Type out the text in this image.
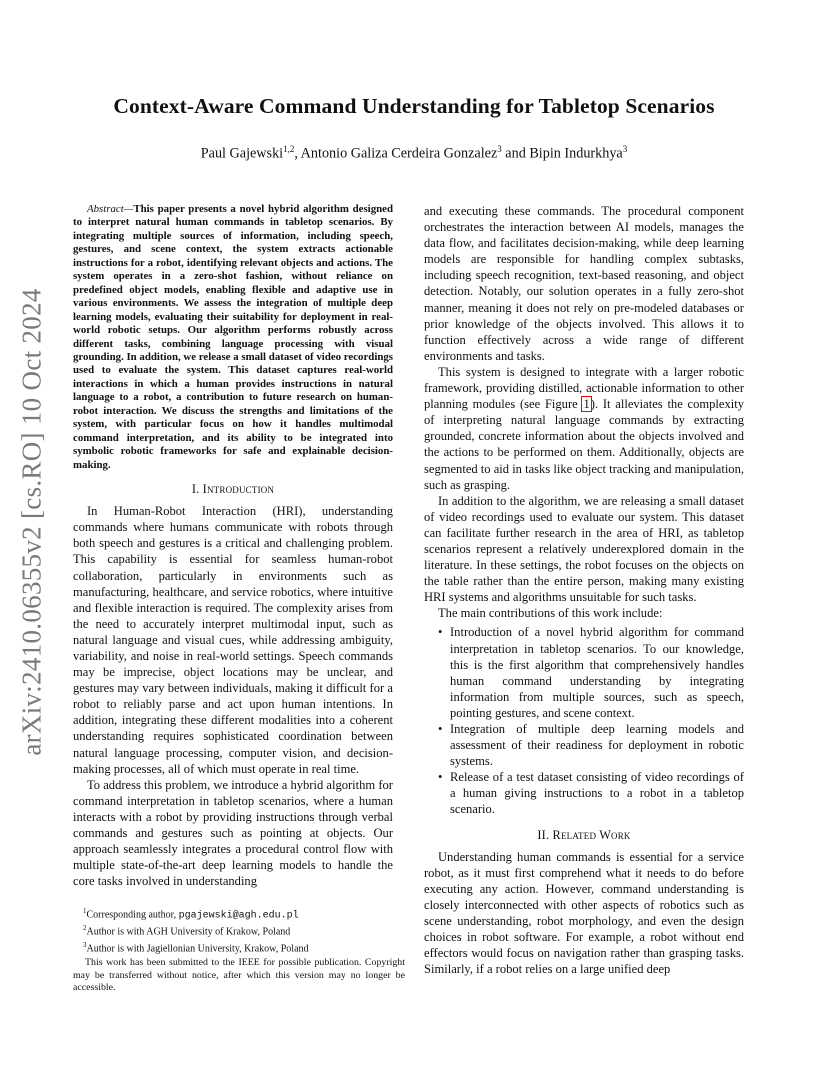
Context-Aware Command Understanding for Tabletop Scenarios
Paul Gajewski$^{1,2}$, Antonio Galiza Cerdeira Gonzalez$^3$ and Bipin Indurkhya$^3$
arXiv:2410.06355v2 [cs.RO] 10 Oct 2024

Abstract—This paper presents a novel hybrid algorithm designed to interpret natural human commands in tabletop scenarios. By integrating multiple sources of information, including speech, gestures, and scene context, the system extracts actionable instructions for a robot, identifying relevant objects and actions. The system operates in a zero-shot fashion, without reliance on predefined object models, enabling flexible and adaptive use in various environments. We assess the integration of multiple deep learning models, evaluating their suitability for deployment in real-world robotic setups. Our algorithm performs robustly across different tasks, combining language processing with visual grounding. In addition, we release a small dataset of video recordings used to evaluate the system. This dataset captures real-world interactions in which a human provides instructions in natural language to a robot, a contribution to future research on human-robot interaction. We discuss the strengths and limitations of the system, with particular focus on how it handles multimodal command interpretation, and its ability to be integrated into symbolic robotic frameworks for safe and explainable decision-making.

I. Introduction

In Human-Robot Interaction (HRI), understanding commands where humans communicate with robots through both speech and gestures is a critical and challenging problem. This capability is essential for seamless human-robot collaboration, particularly in environments such as manufacturing, healthcare, and service robotics, where intuitive and flexible interaction is required. The complexity arises from the need to accurately interpret multimodal input, such as natural language and visual cues, while addressing ambiguity, variability, and noise in real-world settings. Speech commands may be imprecise, object locations may be unclear, and gestures may vary between individuals, making it difficult for a robot to reliably parse and act upon human intentions. In addition, integrating these different modalities into a coherent understanding requires sophisticated coordination between natural language processing, computer vision, and decision-making processes, all of which must operate in real time.

To address this problem, we introduce a hybrid algorithm for command interpretation in tabletop scenarios, where a human interacts with a robot by providing instructions through verbal commands and gestures such as pointing at objects. Our approach seamlessly integrates a procedural control flow with multiple state-of-the-art deep learning models to handle the core tasks involved in understanding

and executing these commands. The procedural component orchestrates the interaction between AI models, manages the data flow, and facilitates decision-making, while deep learning models are responsible for handling complex subtasks, including speech recognition, text-based reasoning, and object detection. Notably, our solution operates in a fully zero-shot manner, meaning it does not rely on pre-modeled databases or prior knowledge of the objects involved. This allows it to function effectively across a wide range of different environments and tasks.

This system is designed to integrate with a larger robotic framework, providing distilled, actionable information to other planning modules (see Figure 1). It alleviates the complexity of interpreting natural language commands by extracting grounded, concrete information about the objects involved and the actions to be performed on them. Additionally, objects are segmented to aid in tasks like object tracking and manipulation, such as grasping.

In addition to the algorithm, we are releasing a small dataset of video recordings used to evaluate our system. This dataset can facilitate further research in the area of HRI, as tabletop scenarios represent a relatively underexplored domain in the literature. In these settings, the robot focuses on the objects on the table rather than the entire person, making many existing HRI systems and algorithms unsuitable for such tasks.

The main contributions of this work include:

• Introduction of a novel hybrid algorithm for command interpretation in tabletop scenarios. To our knowledge, this is the first algorithm that comprehensively handles human command understanding by integrating information from multiple sources, such as speech, pointing gestures, and scene context.
• Integration of multiple deep learning models and assessment of their readiness for deployment in robotic systems.
• Release of a test dataset consisting of video recordings of a human giving instructions to a robot in a tabletop scenario.
II. Related Work

Understanding human commands is essential for a service robot, as it must first comprehend what it needs to do before executing any action. However, command understanding is closely interconnected with other aspects of robotics such as scene understanding, robot morphology, and even the design choices in robot software. For example, a robot without end effectors would focus on navigation rather than grasping tasks. Similarly, if a robot relies on a large unified deep

$^1$Corresponding author, pgajewski@agh.edu.pl
$^2$Author is with AGH University of Krakow, Poland
$^3$Author is with Jagiellonian University, Krakow, Poland
This work has been submitted to the IEEE for possible publication. Copyright may be transferred without notice, after which this version may no longer be accessible.
